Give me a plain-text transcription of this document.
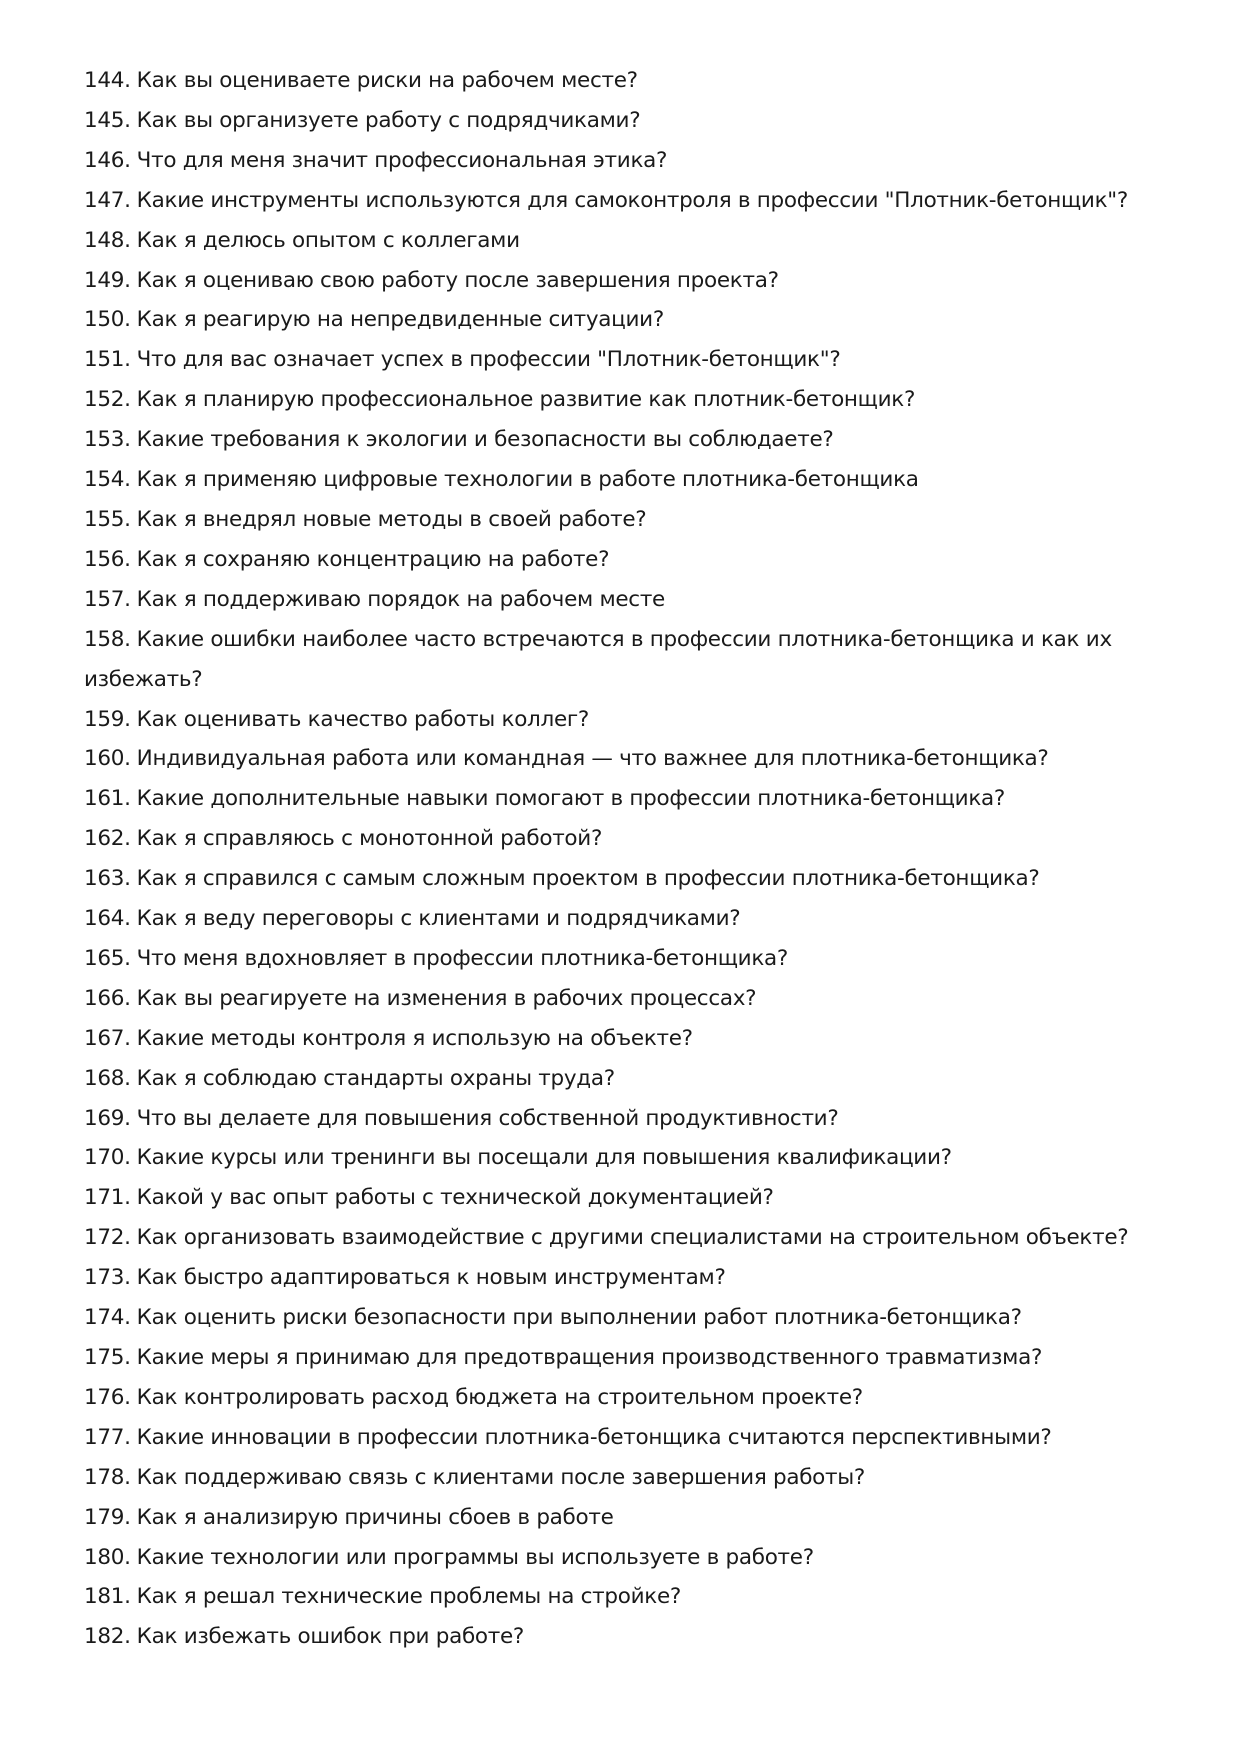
144. Как вы оцениваете риски на рабочем месте?

145. Как вы организуете работу с подрядчиками?

146. Что для меня значит профессиональная этика?

147. Какие инструменты используются для самоконтроля в профессии "Плотник-бетонщик"?

148. Как я делюсь опытом с коллегами

149. Как я оцениваю свою работу после завершения проекта?

150. Как я реагирую на непредвиденные ситуации?

151. Что для вас означает успех в профессии "Плотник-бетонщик"?

152. Как я планирую профессиональное развитие как плотник-бетонщик?

153. Какие требования к экологии и безопасности вы соблюдаете?

154. Как я применяю цифровые технологии в работе плотника-бетонщика

155. Как я внедрял новые методы в своей работе?

156. Как я сохраняю концентрацию на работе?

157. Как я поддерживаю порядок на рабочем месте

158. Какие ошибки наиболее часто встречаются в профессии плотника-бетонщика и как их избежать?

159. Как оценивать качество работы коллег?

160. Индивидуальная работа или командная — что важнее для плотника-бетонщика?

161. Какие дополнительные навыки помогают в профессии плотника-бетонщика?

162. Как я справляюсь с монотонной работой?

163. Как я справился с самым сложным проектом в профессии плотника-бетонщика?

164. Как я веду переговоры с клиентами и подрядчиками?

165. Что меня вдохновляет в профессии плотника-бетонщика?

166. Как вы реагируете на изменения в рабочих процессах?

167. Какие методы контроля я использую на объекте?

168. Как я соблюдаю стандарты охраны труда?

169. Что вы делаете для повышения собственной продуктивности?

170. Какие курсы или тренинги вы посещали для повышения квалификации?

171. Какой у вас опыт работы с технической документацией?

172. Как организовать взаимодействие с другими специалистами на строительном объекте?

173. Как быстро адаптироваться к новым инструментам?

174. Как оценить риски безопасности при выполнении работ плотника-бетонщика?

175. Какие меры я принимаю для предотвращения производственного травматизма?

176. Как контролировать расход бюджета на строительном проекте?

177. Какие инновации в профессии плотника-бетонщика считаются перспективными?

178. Как поддерживаю связь с клиентами после завершения работы?

179. Как я анализирую причины сбоев в работе

180. Какие технологии или программы вы используете в работе?

181. Как я решал технические проблемы на стройке?

182. Как избежать ошибок при работе?
